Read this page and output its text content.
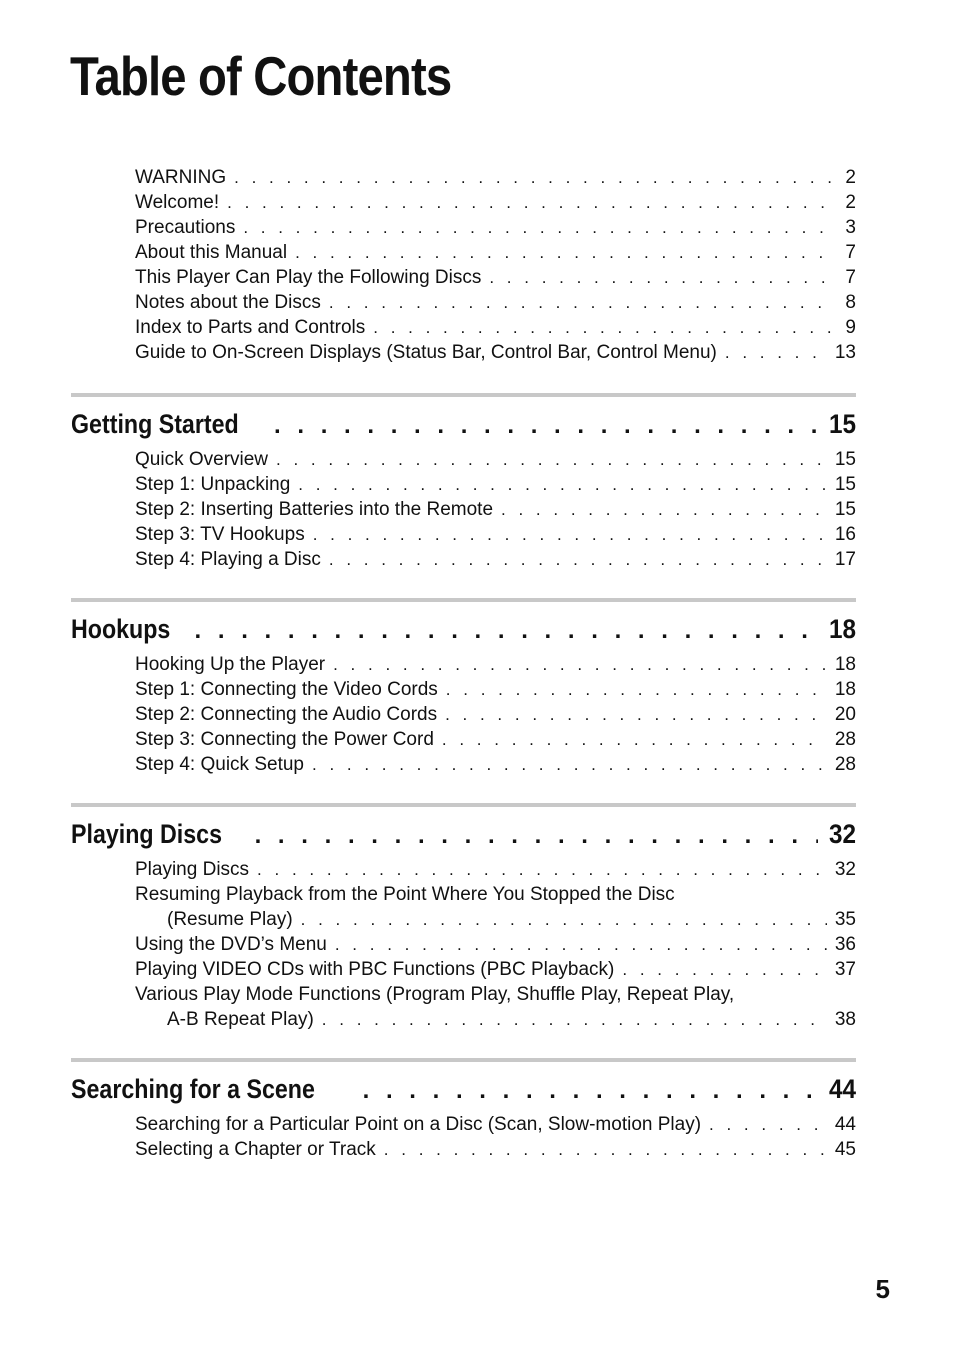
Table of Contents
WARNING . . .	2
Welcome! . . .	2
Precautions . . .	3
About this Manual . . .	7
This Player Can Play the Following Discs . . .	7
Notes about the Discs . . .	8
Index to Parts and Controls . . .	9
Guide to On-Screen Displays (Status Bar, Control Bar, Control Menu) . . .	13
Getting Started . . .	15
Quick Overview . . .	15
Step 1: Unpacking . . .	15
Step 2: Inserting Batteries into the Remote . . .	15
Step 3: TV Hookups . . .	16
Step 4: Playing a Disc . . .	17
Hookups . . .	18
Hooking Up the Player . . .	18
Step 1: Connecting the Video Cords . . .	18
Step 2: Connecting the Audio Cords . . .	20
Step 3: Connecting the Power Cord . . .	28
Step 4: Quick Setup . . .	28
Playing Discs . . .	32
Playing Discs . . .	32
Resuming Playback from the Point Where You Stopped the Disc
(Resume Play) . . .	35
Using the DVD’s Menu . . .	36
Playing VIDEO CDs with PBC Functions (PBC Playback) . . .	37
Various Play Mode Functions (Program Play, Shuffle Play, Repeat Play,
A-B Repeat Play) . . .	38
Searching for a Scene . . .	44
Searching for a Particular Point on a Disc (Scan, Slow-motion Play) . . .	44
Selecting a Chapter or Track . . .	45
5
